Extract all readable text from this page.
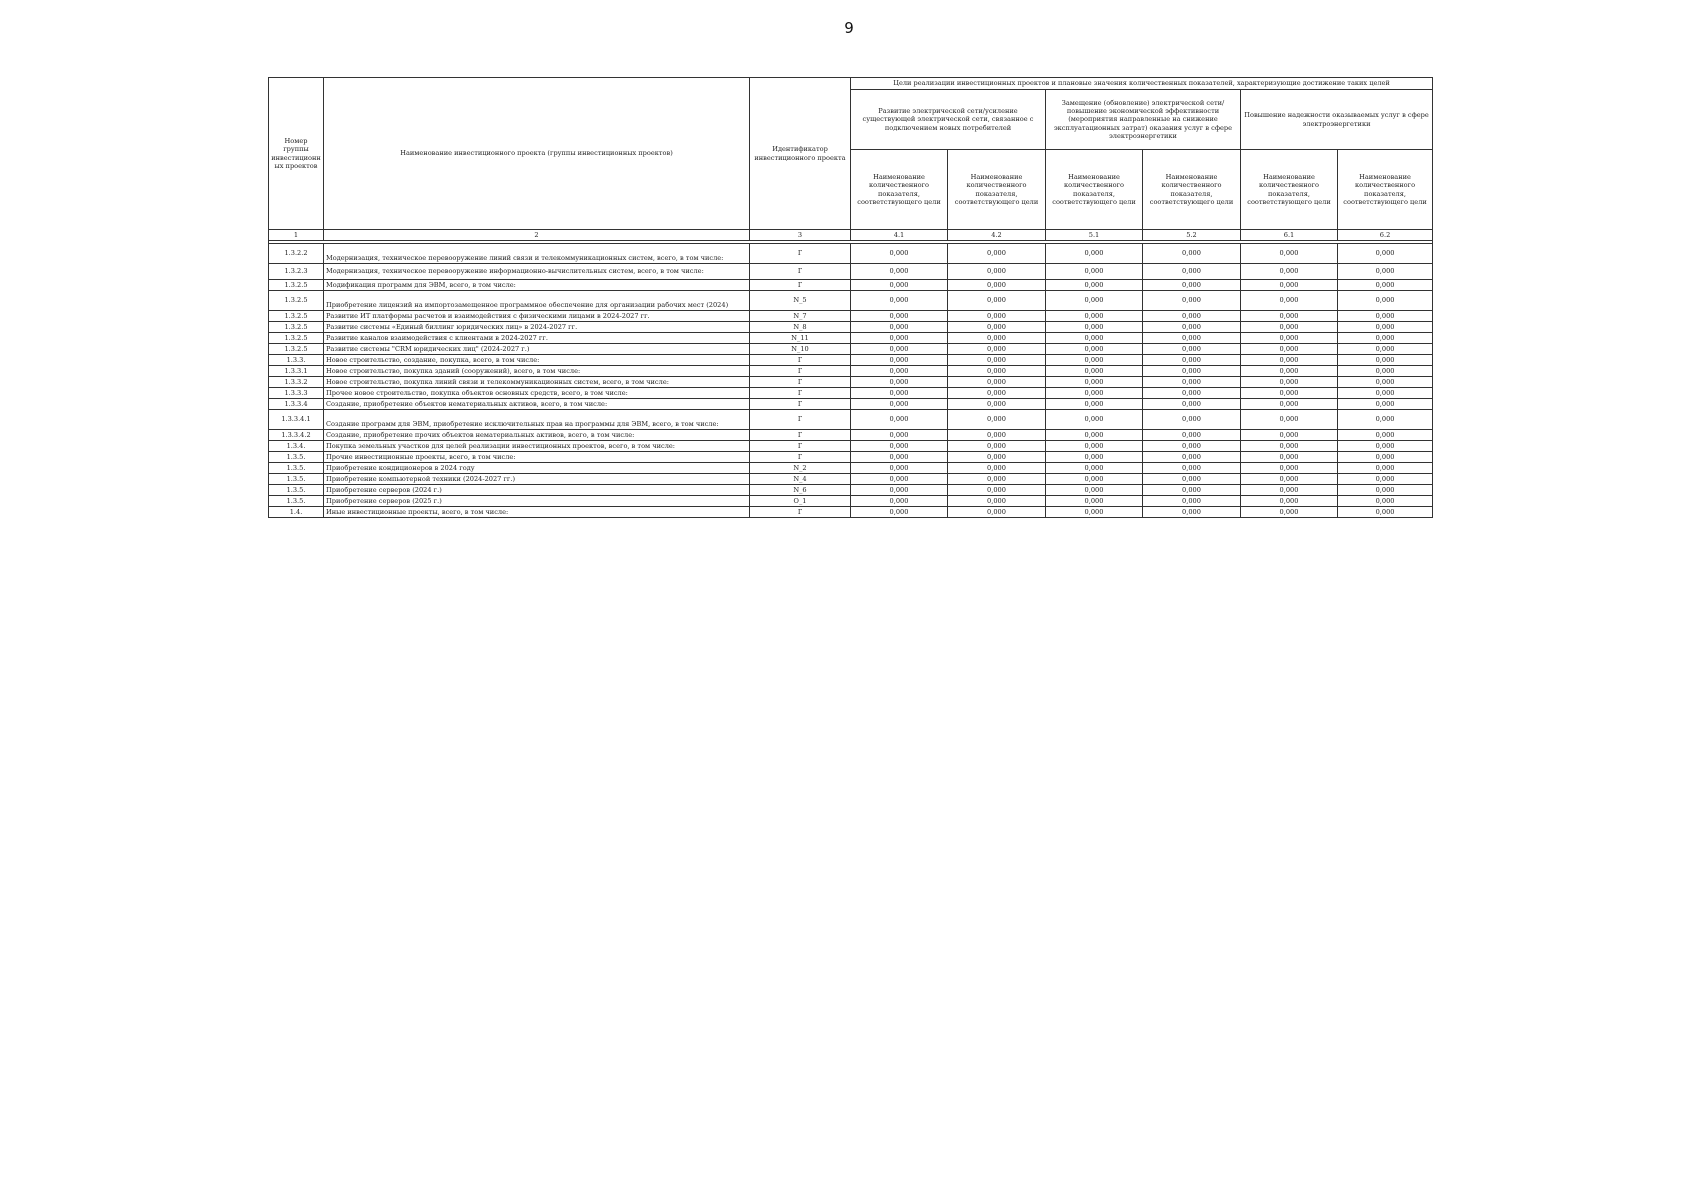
9
Номер группы инвестиционн ых проектов	Наименование инвестиционного проекта (группы инвестиционных проектов)	Идентификатор инвестиционного проекта	Цели реализации инвестиционных проектов и плановые значения количественных показателей, характеризующие достижение таких целей					
			Развитие электрической сети/усиление существующей электрической сети, связанное с подключением новых потребителей		Замещение (обновление) электрической сети/повышение экономической эффективности (мероприятия направленные на снижение эксплуатационных затрат) оказания услуг в сфере электроэнергетики		Повышение надежности оказываемых услуг в сфере электроэнергетики	
			Наименование количественного показателя, соответствующего цели	Наименование количественного показателя, соответствующего цели	Наименование количественного показателя, соответствующего цели	Наименование количественного показателя, соответствующего цели	Наименование количественного показателя, соответствующего цели	Наименование количественного показателя, соответствующего цели
1	2	3	4.1	4.2	5.1	5.2	6.1	6.2

1.3.2.2	Модернизация, техническое перевооружение линий связи и телекоммуникационных систем, всего, в том числе:	Г	0,000	0,000	0,000	0,000	0,000	0,000
1.3.2.3	Модернизация, техническое перевооружение информационно-вычислительных систем, всего, в том числе:	Г	0,000	0,000	0,000	0,000	0,000	0,000
1.3.2.5	Модификация программ для ЭВМ, всего, в том числе:	Г	0,000	0,000	0,000	0,000	0,000	0,000
1.3.2.5	Приобретение лицензий на импортозамещенное программное обеспечение для организации рабочих мест (2024)	N_5	0,000	0,000	0,000	0,000	0,000	0,000
1.3.2.5	Развитие ИТ платформы расчетов и взаимодействия с физическими лицами в 2024-2027 гг.	N_7	0,000	0,000	0,000	0,000	0,000	0,000
1.3.2.5	Развитие системы «Единый биллинг юридических лиц» в 2024-2027 гг.	N_8	0,000	0,000	0,000	0,000	0,000	0,000
1.3.2.5	Развитие каналов взаимодействия с клиентами в 2024-2027 гг.	N_11	0,000	0,000	0,000	0,000	0,000	0,000
1.3.2.5	Развитие системы "CRM юридических лиц" (2024-2027 г.)	N_10	0,000	0,000	0,000	0,000	0,000	0,000
1.3.3.	Новое строительство, создание, покупка, всего, в том числе:	Г	0,000	0,000	0,000	0,000	0,000	0,000
1.3.3.1	Новое строительство, покупка зданий (сооружений), всего, в том числе:	Г	0,000	0,000	0,000	0,000	0,000	0,000
1.3.3.2	Новое строительство, покупка линий связи и телекоммуникационных систем, всего, в том числе:	Г	0,000	0,000	0,000	0,000	0,000	0,000
1.3.3.3	Прочее новое строительство, покупка объектов основных средств, всего, в том числе:	Г	0,000	0,000	0,000	0,000	0,000	0,000
1.3.3.4	Создание, приобретение объектов нематериальных активов, всего, в том числе:	Г	0,000	0,000	0,000	0,000	0,000	0,000
1.3.3.4.1	Создание программ для ЭВМ, приобретение исключительных прав на программы для ЭВМ, всего, в том числе:	Г	0,000	0,000	0,000	0,000	0,000	0,000
1.3.3.4.2	Создание, приобретение прочих объектов нематериальных активов, всего, в том числе:	Г	0,000	0,000	0,000	0,000	0,000	0,000
1.3.4.	Покупка земельных участков для целей реализации инвестиционных проектов, всего, в том числе:	Г	0,000	0,000	0,000	0,000	0,000	0,000
1.3.5.	Прочие инвестиционные проекты, всего, в том числе:	Г	0,000	0,000	0,000	0,000	0,000	0,000
1.3.5.	Приобретение кондиционеров в 2024 году	N_2	0,000	0,000	0,000	0,000	0,000	0,000
1.3.5.	Приобретение компьютерной техники (2024-2027 гг.)	N_4	0,000	0,000	0,000	0,000	0,000	0,000
1.3.5.	Приобретение серверов (2024 г.)	N_6	0,000	0,000	0,000	0,000	0,000	0,000
1.3.5.	Приобретение серверов (2025 г.)	O_1	0,000	0,000	0,000	0,000	0,000	0,000
1.4.	Иные инвестиционные проекты, всего, в том числе:	Г	0,000	0,000	0,000	0,000	0,000	0,000
